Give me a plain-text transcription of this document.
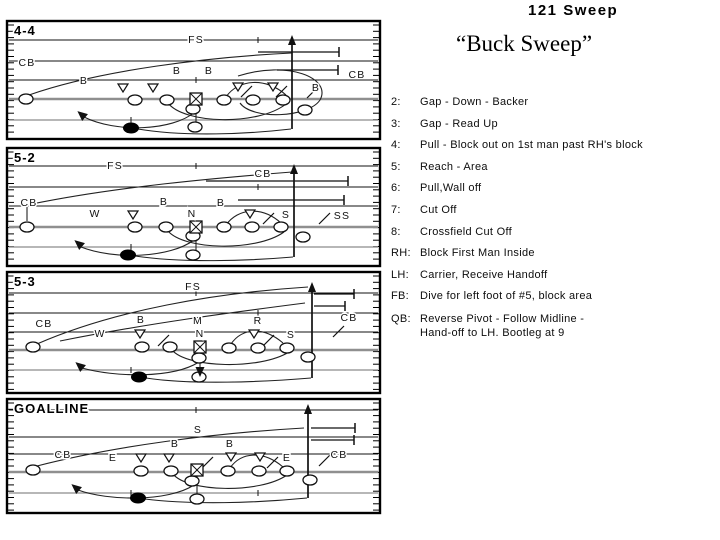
FS
CB
CB
B
B B
B
4-4
FS
CB
W
B
N
B
CB
S	SS
5-2
FS
CB	B	M	R
W	N	S
CB
5-3
S
B	B
CB	E	E	CB
GOALLINE
121 Sweep
“Buck Sweep”
2:	Gap - Down - Backer
3:	Gap - Read Up
4:	Pull - Block out on 1st man past RH's block
5:	Reach - Area
6:	Pull,Wall off
7:	Cut Off
8:	Crossfield Cut Off
RH: Block First Man Inside
LH: Carrier, Receive Handoff
FB: Dive for left foot of #5, block area
QB: Reverse Pivot - Follow Midline -
Hand-off to LH. Bootleg at 9
